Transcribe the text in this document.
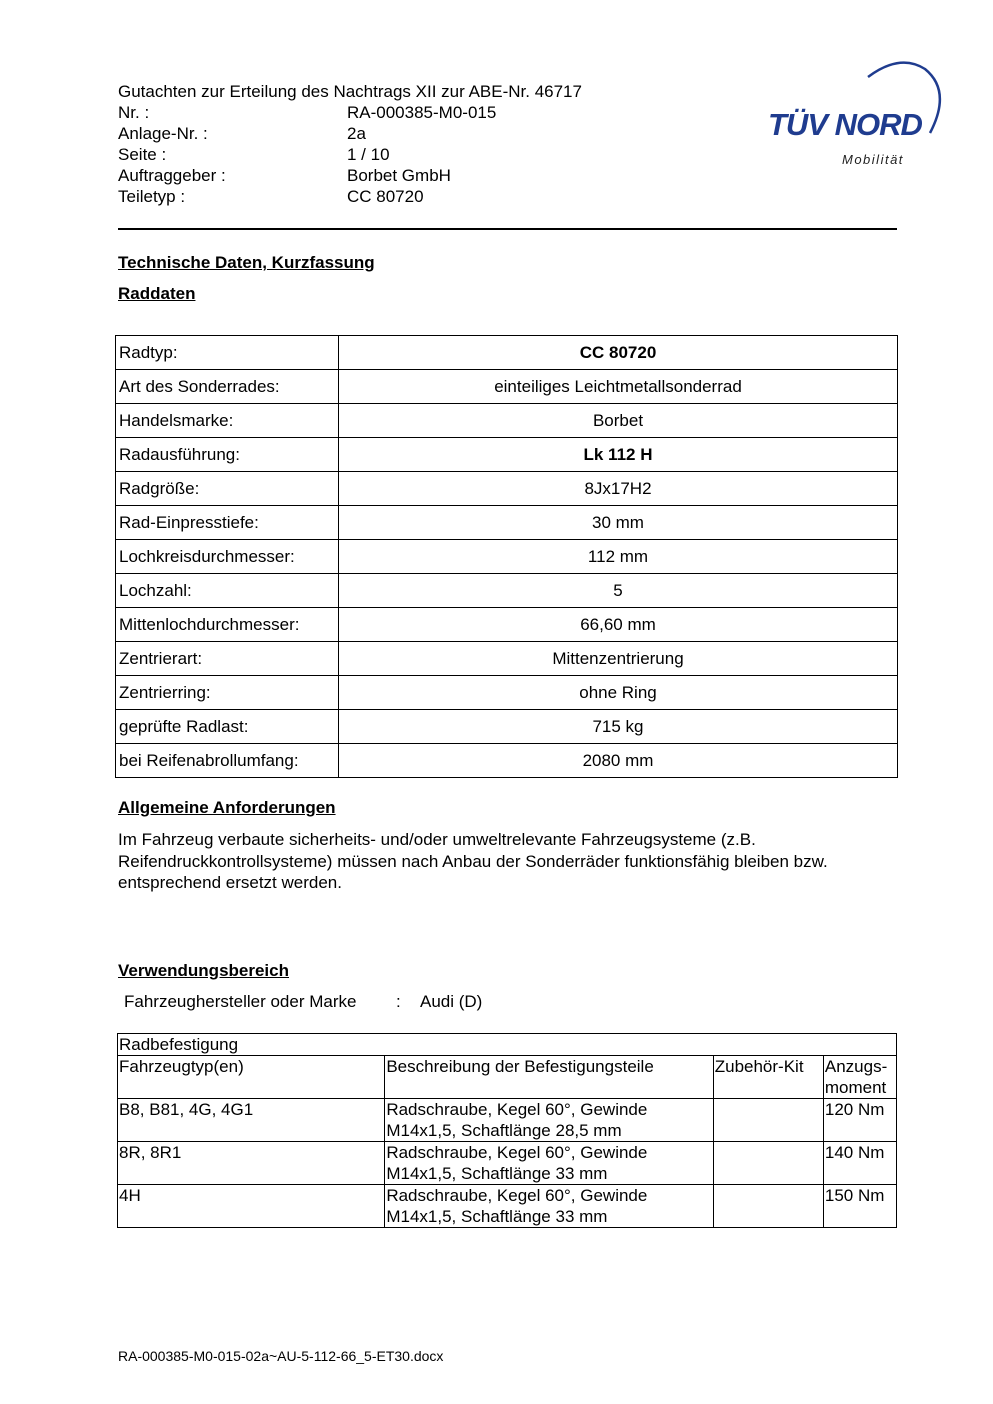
Gutachten zur Erteilung des Nachtrags XII zur ABE-Nr. 46717
Nr. :	RA-000385-M0-015
Anlage-Nr. :	2a
Seite :	1 / 10
Auftraggeber :	Borbet GmbH
Teiletyp :	CC 80720
TÜV NORD
Mobilität
Technische Daten, Kurzfassung
Raddaten
Radtyp:	CC 80720
Art des Sonderrades:	einteiliges Leichtmetallsonderrad
Handelsmarke:	Borbet
Radausführung:	Lk 112 H
Radgröße:	8Jx17H2
Rad-Einpresstiefe:	30 mm
Lochkreisdurchmesser:	112 mm
Lochzahl:	5
Mittenlochdurchmesser:	66,60 mm
Zentrierart:	Mittenzentrierung
Zentrierring:	ohne Ring
geprüfte Radlast:	715 kg
bei Reifenabrollumfang:	2080 mm
Allgemeine Anforderungen
Im Fahrzeug verbaute sicherheits- und/oder umweltrelevante Fahrzeugsysteme (z.B. Reifendruckkontrollsysteme) müssen nach Anbau der Sonderräder funktionsfähig bleiben bzw. entsprechend ersetzt werden.
Verwendungsbereich
Fahrzeughersteller oder Marke : Audi (D)
Radbefestigung			
Fahrzeugtyp(en)	Beschreibung der Befestigungsteile	Zubehör-Kit	Anzugs-moment
B8, B81, 4G, 4G1	Radschraube, Kegel 60°, Gewinde M14x1,5, Schaftlänge 28,5 mm		120 Nm
8R, 8R1	Radschraube, Kegel 60°, Gewinde M14x1,5, Schaftlänge 33 mm		140 Nm
4H	Radschraube, Kegel 60°, Gewinde M14x1,5, Schaftlänge 33 mm		150 Nm
RA-000385-M0-015-02a~AU-5-112-66_5-ET30.docx
